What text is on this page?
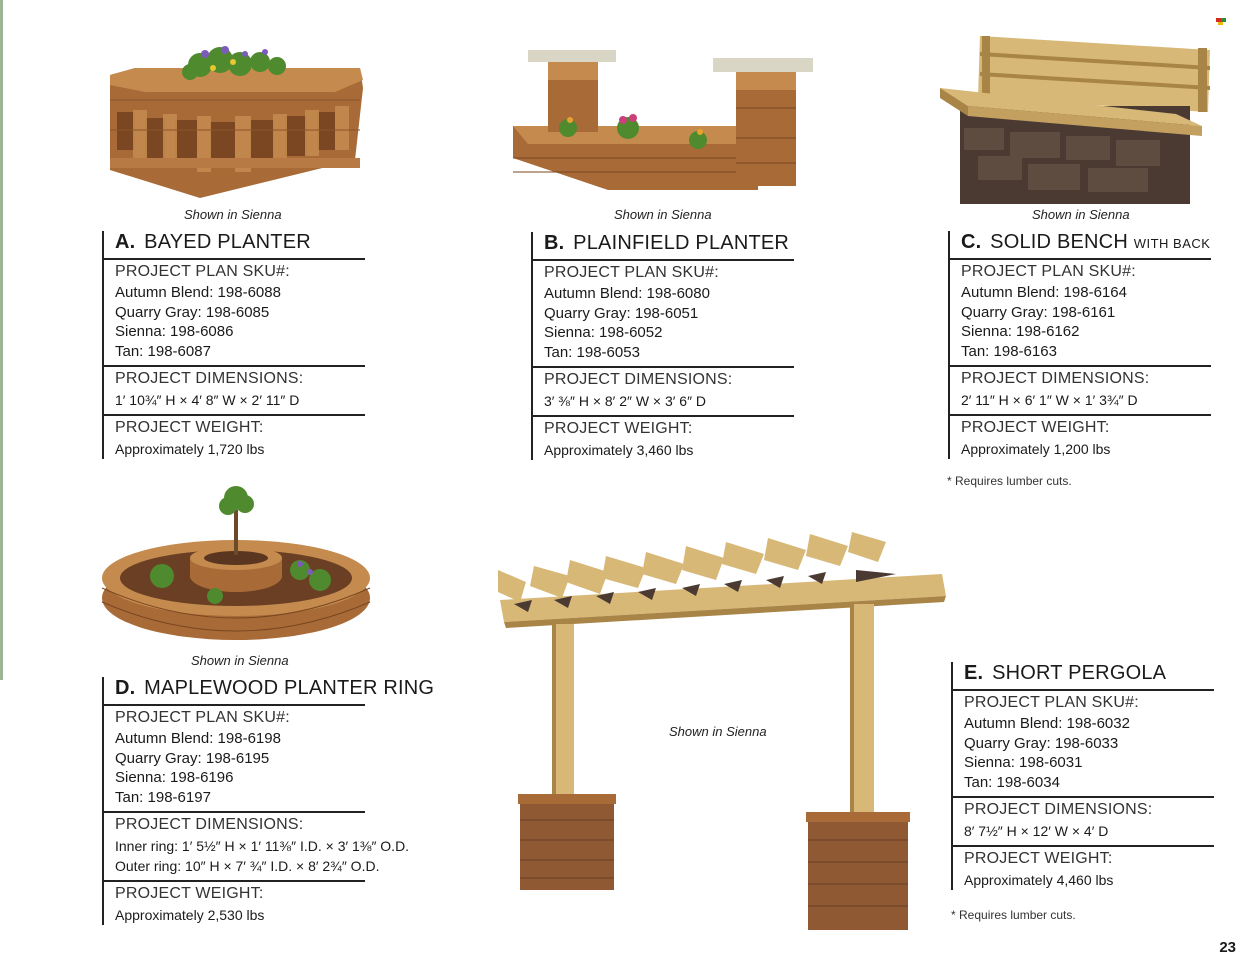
Shown in Sienna	Shown in Sienna	Shown in Sienna
Shown in Sienna
Shown in Sienna
A. BAYED PLANTER
PROJECT PLAN SKU#:
Autumn Blend: 198-6088
Quarry Gray: 198-6085
Sienna: 198-6086
Tan: 198-6087
PROJECT DIMENSIONS:
1′ 10¾″ H × 4′ 8″ W × 2′ 11″ D
PROJECT WEIGHT:
Approximately 1,720 lbs
B. PLAINFIELD PLANTER
PROJECT PLAN SKU#:
Autumn Blend: 198-6080
Quarry Gray: 198-6051
Sienna: 198-6052
Tan: 198-6053
PROJECT DIMENSIONS:
3′ ⅜″ H × 8′ 2″ W × 3′ 6″ D
PROJECT WEIGHT:
Approximately 3,460 lbs
C. SOLID BENCH WITH BACK
PROJECT PLAN SKU#:
Autumn Blend: 198-6164
Quarry Gray: 198-6161
Sienna: 198-6162
Tan: 198-6163
PROJECT DIMENSIONS:
2′ 11″ H × 6′ 1″ W × 1′ 3¾″ D
PROJECT WEIGHT:
Approximately 1,200 lbs
* Requires lumber cuts.
D. MAPLEWOOD PLANTER RING
PROJECT PLAN SKU#:
Autumn Blend: 198-6198
Quarry Gray: 198-6195
Sienna: 198-6196
Tan: 198-6197
PROJECT DIMENSIONS:
Inner ring: 1′ 5½″ H × 1′ 11⅜″ I.D. × 3′ 1⅜″ O.D.
Outer ring: 10″ H × 7′ ¾″ I.D. × 8′ 2¾″ O.D.
PROJECT WEIGHT:
Approximately 2,530 lbs
E. SHORT PERGOLA
PROJECT PLAN SKU#:
Autumn Blend: 198-6032
Quarry Gray: 198-6033
Sienna: 198-6031
Tan: 198-6034
PROJECT DIMENSIONS:
8′ 7½″ H × 12′ W × 4′ D
PROJECT WEIGHT:
Approximately 4,460 lbs
* Requires lumber cuts.
23
